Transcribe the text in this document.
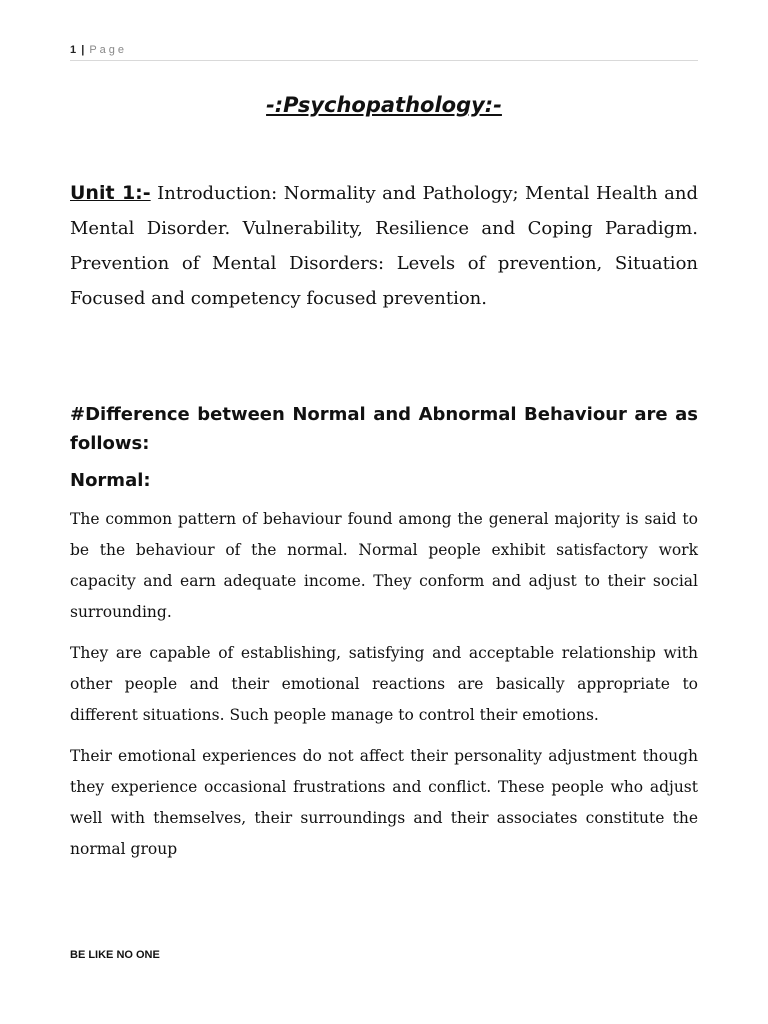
1 | Page
-:Psychopathology:-
Unit 1:- Introduction: Normality and Pathology; Mental Health and Mental Disorder. Vulnerability, Resilience and Coping Paradigm. Prevention of Mental Disorders: Levels of prevention, Situation Focused and competency focused prevention.
#Difference between Normal and Abnormal Behaviour are as follows:
Normal:

The common pattern of behaviour found among the general majority is said to be the behaviour of the normal. Normal people exhibit satisfactory work capacity and earn adequate income. They conform and adjust to their social surrounding.

They are capable of establishing, satisfying and acceptable relationship with other people and their emotional reactions are basically appropriate to different situations. Such people manage to control their emotions.

Their emotional experiences do not affect their personality adjustment though they experience occasional frustrations and conflict. These people who adjust well with themselves, their surroundings and their associates constitute the normal group

BE LIKE NO ONE
